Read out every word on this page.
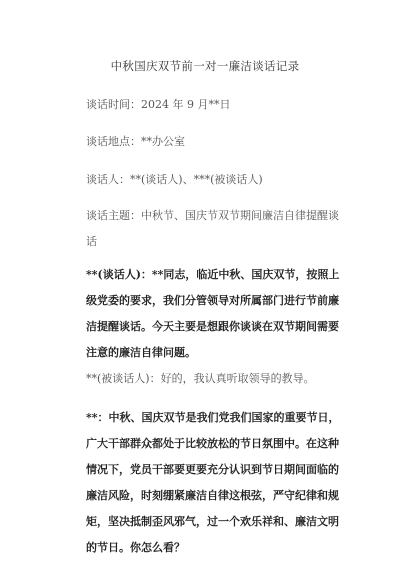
中秋国庆双节前一对一廉洁谈话记录
谈话时间：2024 年 9 月**日
谈话地点：**办公室
谈话人：**(谈话人)、***(被谈话人)
谈话主题：中秋节、国庆节双节期间廉洁自律提醒谈话
**(谈话人)：**同志，临近中秋、国庆双节，按照上级党委的要求，我们分管领导对所属部门进行节前廉洁提醒谈话。今天主要是想跟你谈谈在双节期间需要注意的廉洁自律问题。
**(被谈话人)：好的，我认真听取领导的教导。
**：中秋、国庆双节是我们党我们国家的重要节日，广大干部群众都处于比较放松的节日氛围中。在这种情况下，党员干部要更要充分认识到节日期间面临的廉洁风险，时刻绷紧廉洁自律这根弦，严守纪律和规矩，坚决抵制歪风邪气，过一个欢乐祥和、廉洁文明的节日。你怎么看？
